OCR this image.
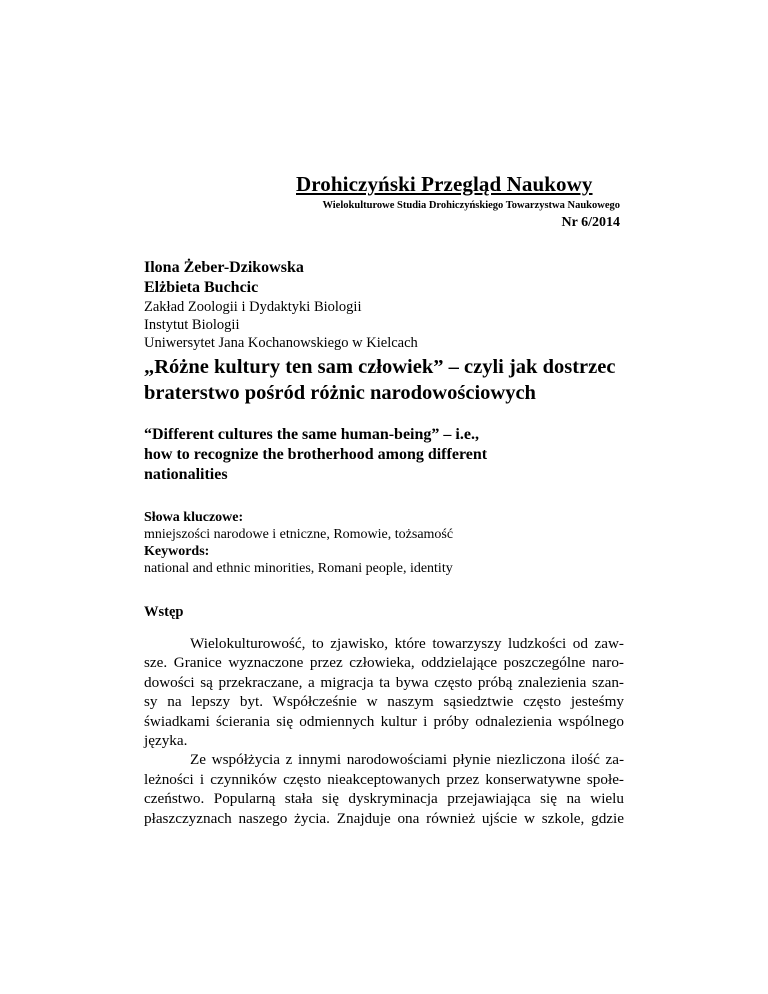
Drohiczyński Przegląd Naukowy
Wielokulturowe Studia Drohiczyńskiego Towarzystwa Naukowego
Nr 6/2014
Ilona Żeber-Dzikowska
Elżbieta Buchcic
Zakład Zoologii i Dydaktyki Biologii
Instytut Biologii
Uniwersytet Jana Kochanowskiego w Kielcach
„Różne kultury ten sam człowiek” – czyli jak dostrzec
braterstwo pośród różnic narodowościowych
“Different cultures the same human-being” – i.e.,
how to recognize the brotherhood among different
nationalities
Słowa kluczowe:
mniejszości narodowe i etniczne, Romowie, tożsamość
Keywords:
national and ethnic minorities, Romani people, identity
Wstęp

Wielokulturowość, to zjawisko, które towarzyszy ludzkości od zaw-
sze. Granice wyznaczone przez człowieka, oddzielające poszczególne naro-
dowości są przekraczane, a migracja ta bywa często próbą znalezienia szan-
sy na lepszy byt. Współcześnie w naszym sąsiedztwie często jesteśmy
świadkami ścierania się odmiennych kultur i próby odnalezienia wspólnego
języka.

Ze współżycia z innymi narodowościami płynie niezliczona ilość za-
leżności i czynników często nieakceptowanych przez konserwatywne społe-
czeństwo. Popularną stała się dyskryminacja przejawiająca się na wielu
płaszczyznach naszego życia. Znajduje ona również ujście w szkole, gdzie
